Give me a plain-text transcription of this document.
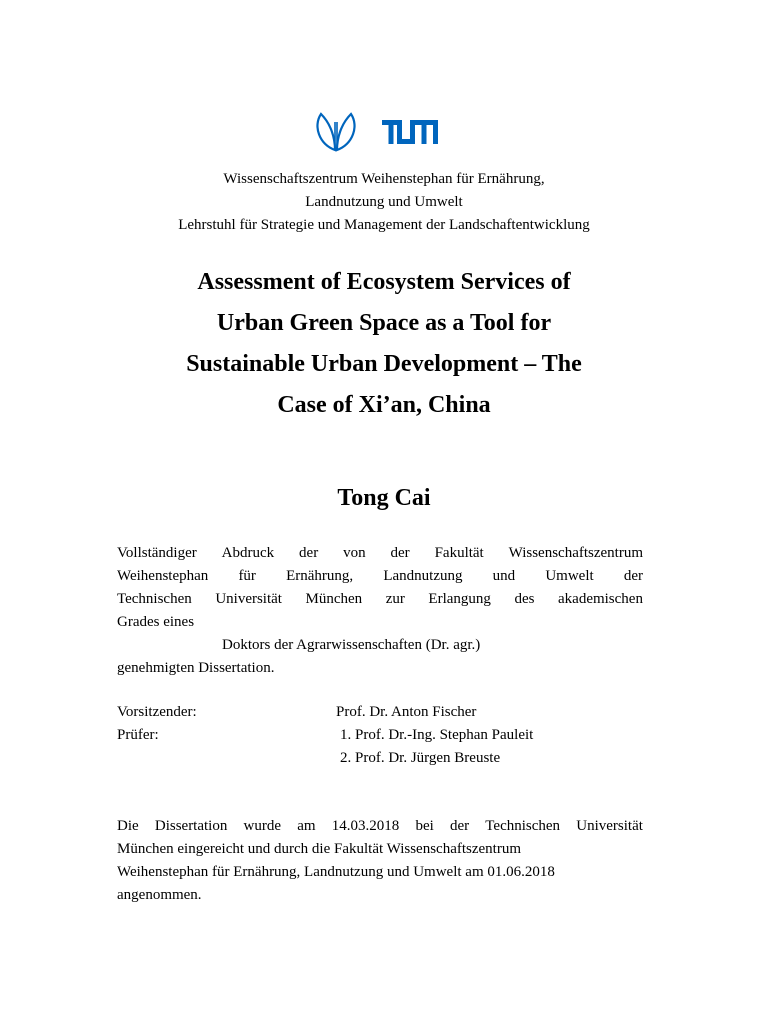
Wissenschaftszentrum Weihenstephan für Ernährung,
Landnutzung und Umwelt
Lehrstuhl für Strategie und Management der Landschaftentwicklung
Assessment of Ecosystem Services of
Urban Green Space as a Tool for
Sustainable Urban Development – The
Case of Xi’an, China
Tong Cai
Vollständiger Abdruck der von der Fakultät Wissenschaftszentrum
Weihenstephan für Ernährung, Landnutzung und Umwelt der
Technischen Universität München zur Erlangung des akademischen
Grades eines
Doktors der Agrarwissenschaften (Dr. agr.)
genehmigten Dissertation.
Vorsitzender:	Prof. Dr. Anton Fischer
Prüfer:	1. Prof. Dr.-Ing. Stephan Pauleit
2. Prof. Dr. Jürgen Breuste
Die Dissertation wurde am 14.03.2018 bei der Technischen Universität
München eingereicht und durch die Fakultät Wissenschaftszentrum
Weihenstephan für Ernährung, Landnutzung und Umwelt am 01.06.2018
angenommen.
